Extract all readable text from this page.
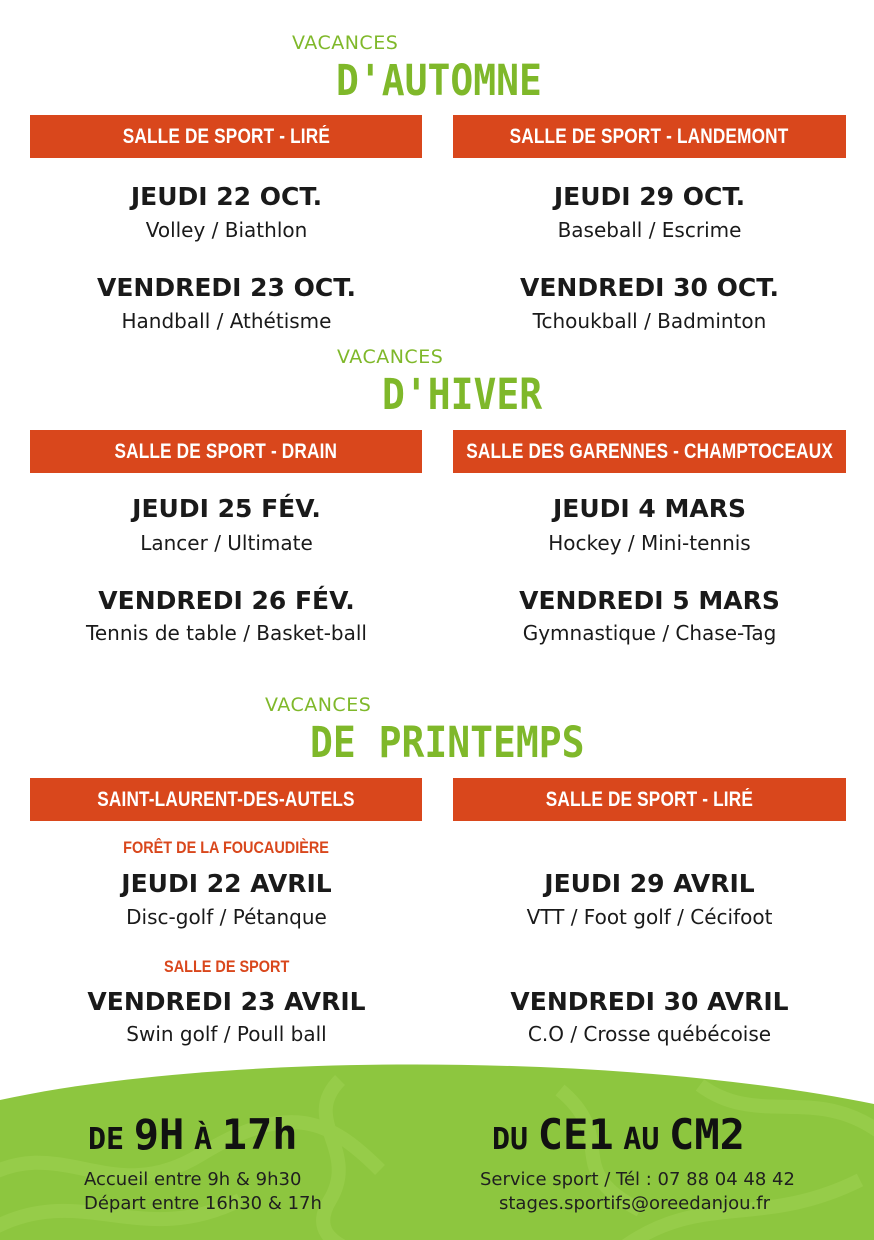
VACANCES
D'AUTOMNE
SALLE DE SPORT - LIRÉ	SALLE DE SPORT - LANDEMONT
JEUDI 22 OCT.
Volley / Biathlon
VENDREDI 23 OCT.
Handball / Athétisme
JEUDI 29 OCT.
Baseball / Escrime
VENDREDI 30 OCT.
Tchoukball / Badminton
VACANCES
D'HIVER
SALLE DE SPORT - DRAIN	SALLE DES GARENNES - CHAMPTOCEAUX
JEUDI 25 FÉV.
Lancer / Ultimate
VENDREDI 26 FÉV.
Tennis de table / Basket-ball
JEUDI 4 MARS
Hockey / Mini-tennis
VENDREDI 5 MARS
Gymnastique / Chase-Tag
VACANCES
DE PRINTEMPS
SAINT-LAURENT-DES-AUTELS	SALLE DE SPORT - LIRÉ
FORÊT DE LA FOUCAUDIÈRE
JEUDI 22 AVRIL
Disc-golf / Pétanque
SALLE DE SPORT
VENDREDI 23 AVRIL
Swin golf / Poull ball
JEUDI 29 AVRIL
VTT / Foot golf / Cécifoot
VENDREDI 30 AVRIL
C.O / Crosse québécoise
DE 9H À 17h
Accueil entre 9h & 9h30
Départ entre 16h30 & 17h
DU CE1 AU CM2
Service sport / Tél : 07 88 04 48 42
stages.sportifs@oreedanjou.fr
